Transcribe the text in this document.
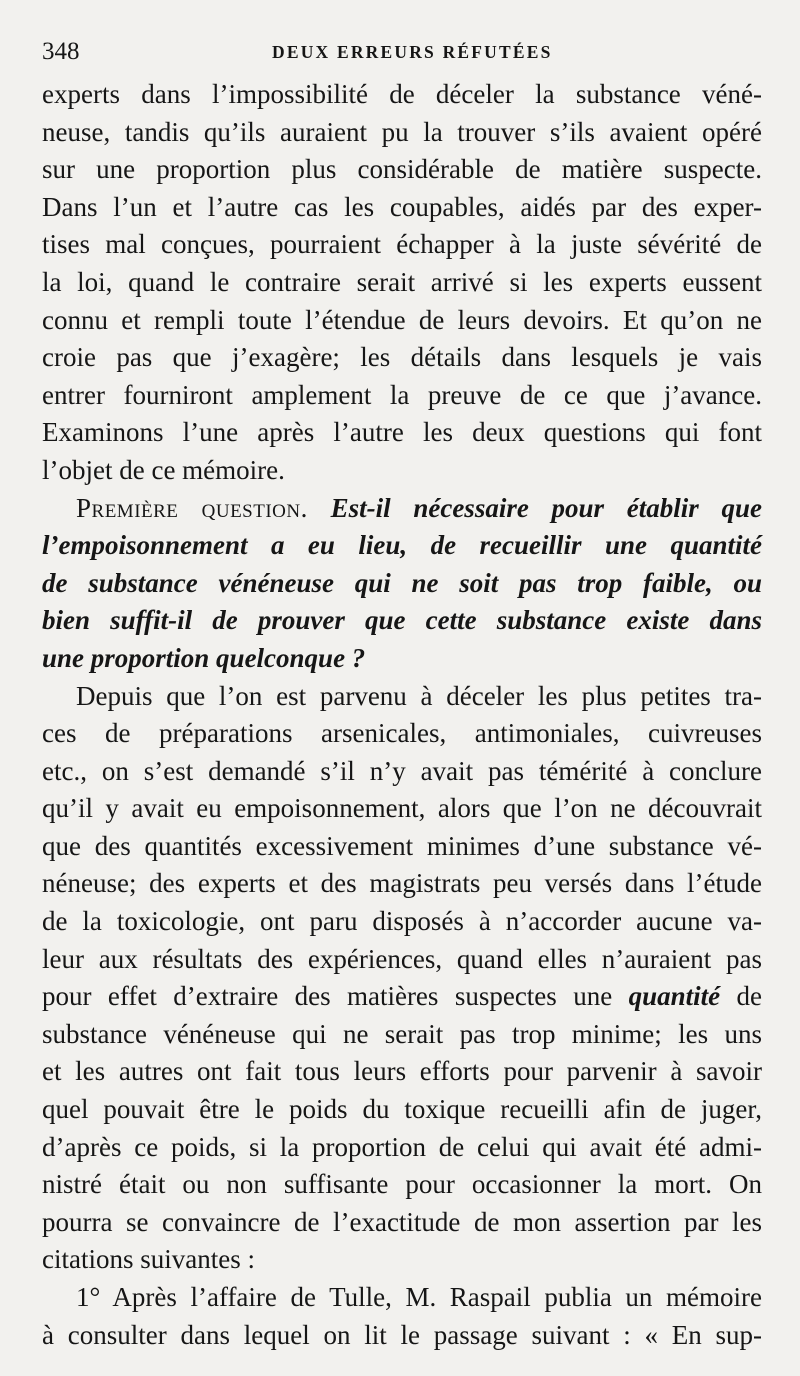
348	DEUX ERREURS RÉFUTÉES
experts dans l’impossibilité de déceler la substance véné-
neuse, tandis qu’ils auraient pu la trouver s’ils avaient opéré
sur une proportion plus considérable de matière suspecte.
Dans l’un et l’autre cas les coupables, aidés par des exper-
tises mal conçues, pourraient échapper à la juste sévérité de
la loi, quand le contraire serait arrivé si les experts eussent
connu et rempli toute l’étendue de leurs devoirs. Et qu’on ne
croie pas que j’exagère; les détails dans lesquels je vais
entrer fourniront amplement la preuve de ce que j’avance.
Examinons l’une après l’autre les deux questions qui font
l’objet de ce mémoire.
Première question. Est-il nécessaire pour établir que
l’empoisonnement a eu lieu, de recueillir une quantité
de substance vénéneuse qui ne soit pas trop faible, ou
bien suffit-il de prouver que cette substance existe dans
une proportion quelconque ?
Depuis que l’on est parvenu à déceler les plus petites tra-
ces de préparations arsenicales, antimoniales, cuivreuses
etc., on s’est demandé s’il n’y avait pas témérité à conclure
qu’il y avait eu empoisonnement, alors que l’on ne découvrait
que des quantités excessivement minimes d’une substance vé-
néneuse; des experts et des magistrats peu versés dans l’étude
de la toxicologie, ont paru disposés à n’accorder aucune va-
leur aux résultats des expériences, quand elles n’auraient pas
pour effet d’extraire des matières suspectes une quantité de
substance vénéneuse qui ne serait pas trop minime; les uns
et les autres ont fait tous leurs efforts pour parvenir à savoir
quel pouvait être le poids du toxique recueilli afin de juger,
d’après ce poids, si la proportion de celui qui avait été admi-
nistré était ou non suffisante pour occasionner la mort. On
pourra se convaincre de l’exactitude de mon assertion par les
citations suivantes :
1° Après l’affaire de Tulle, M. Raspail publia un mémoire
à consulter dans lequel on lit le passage suivant : « En sup-
